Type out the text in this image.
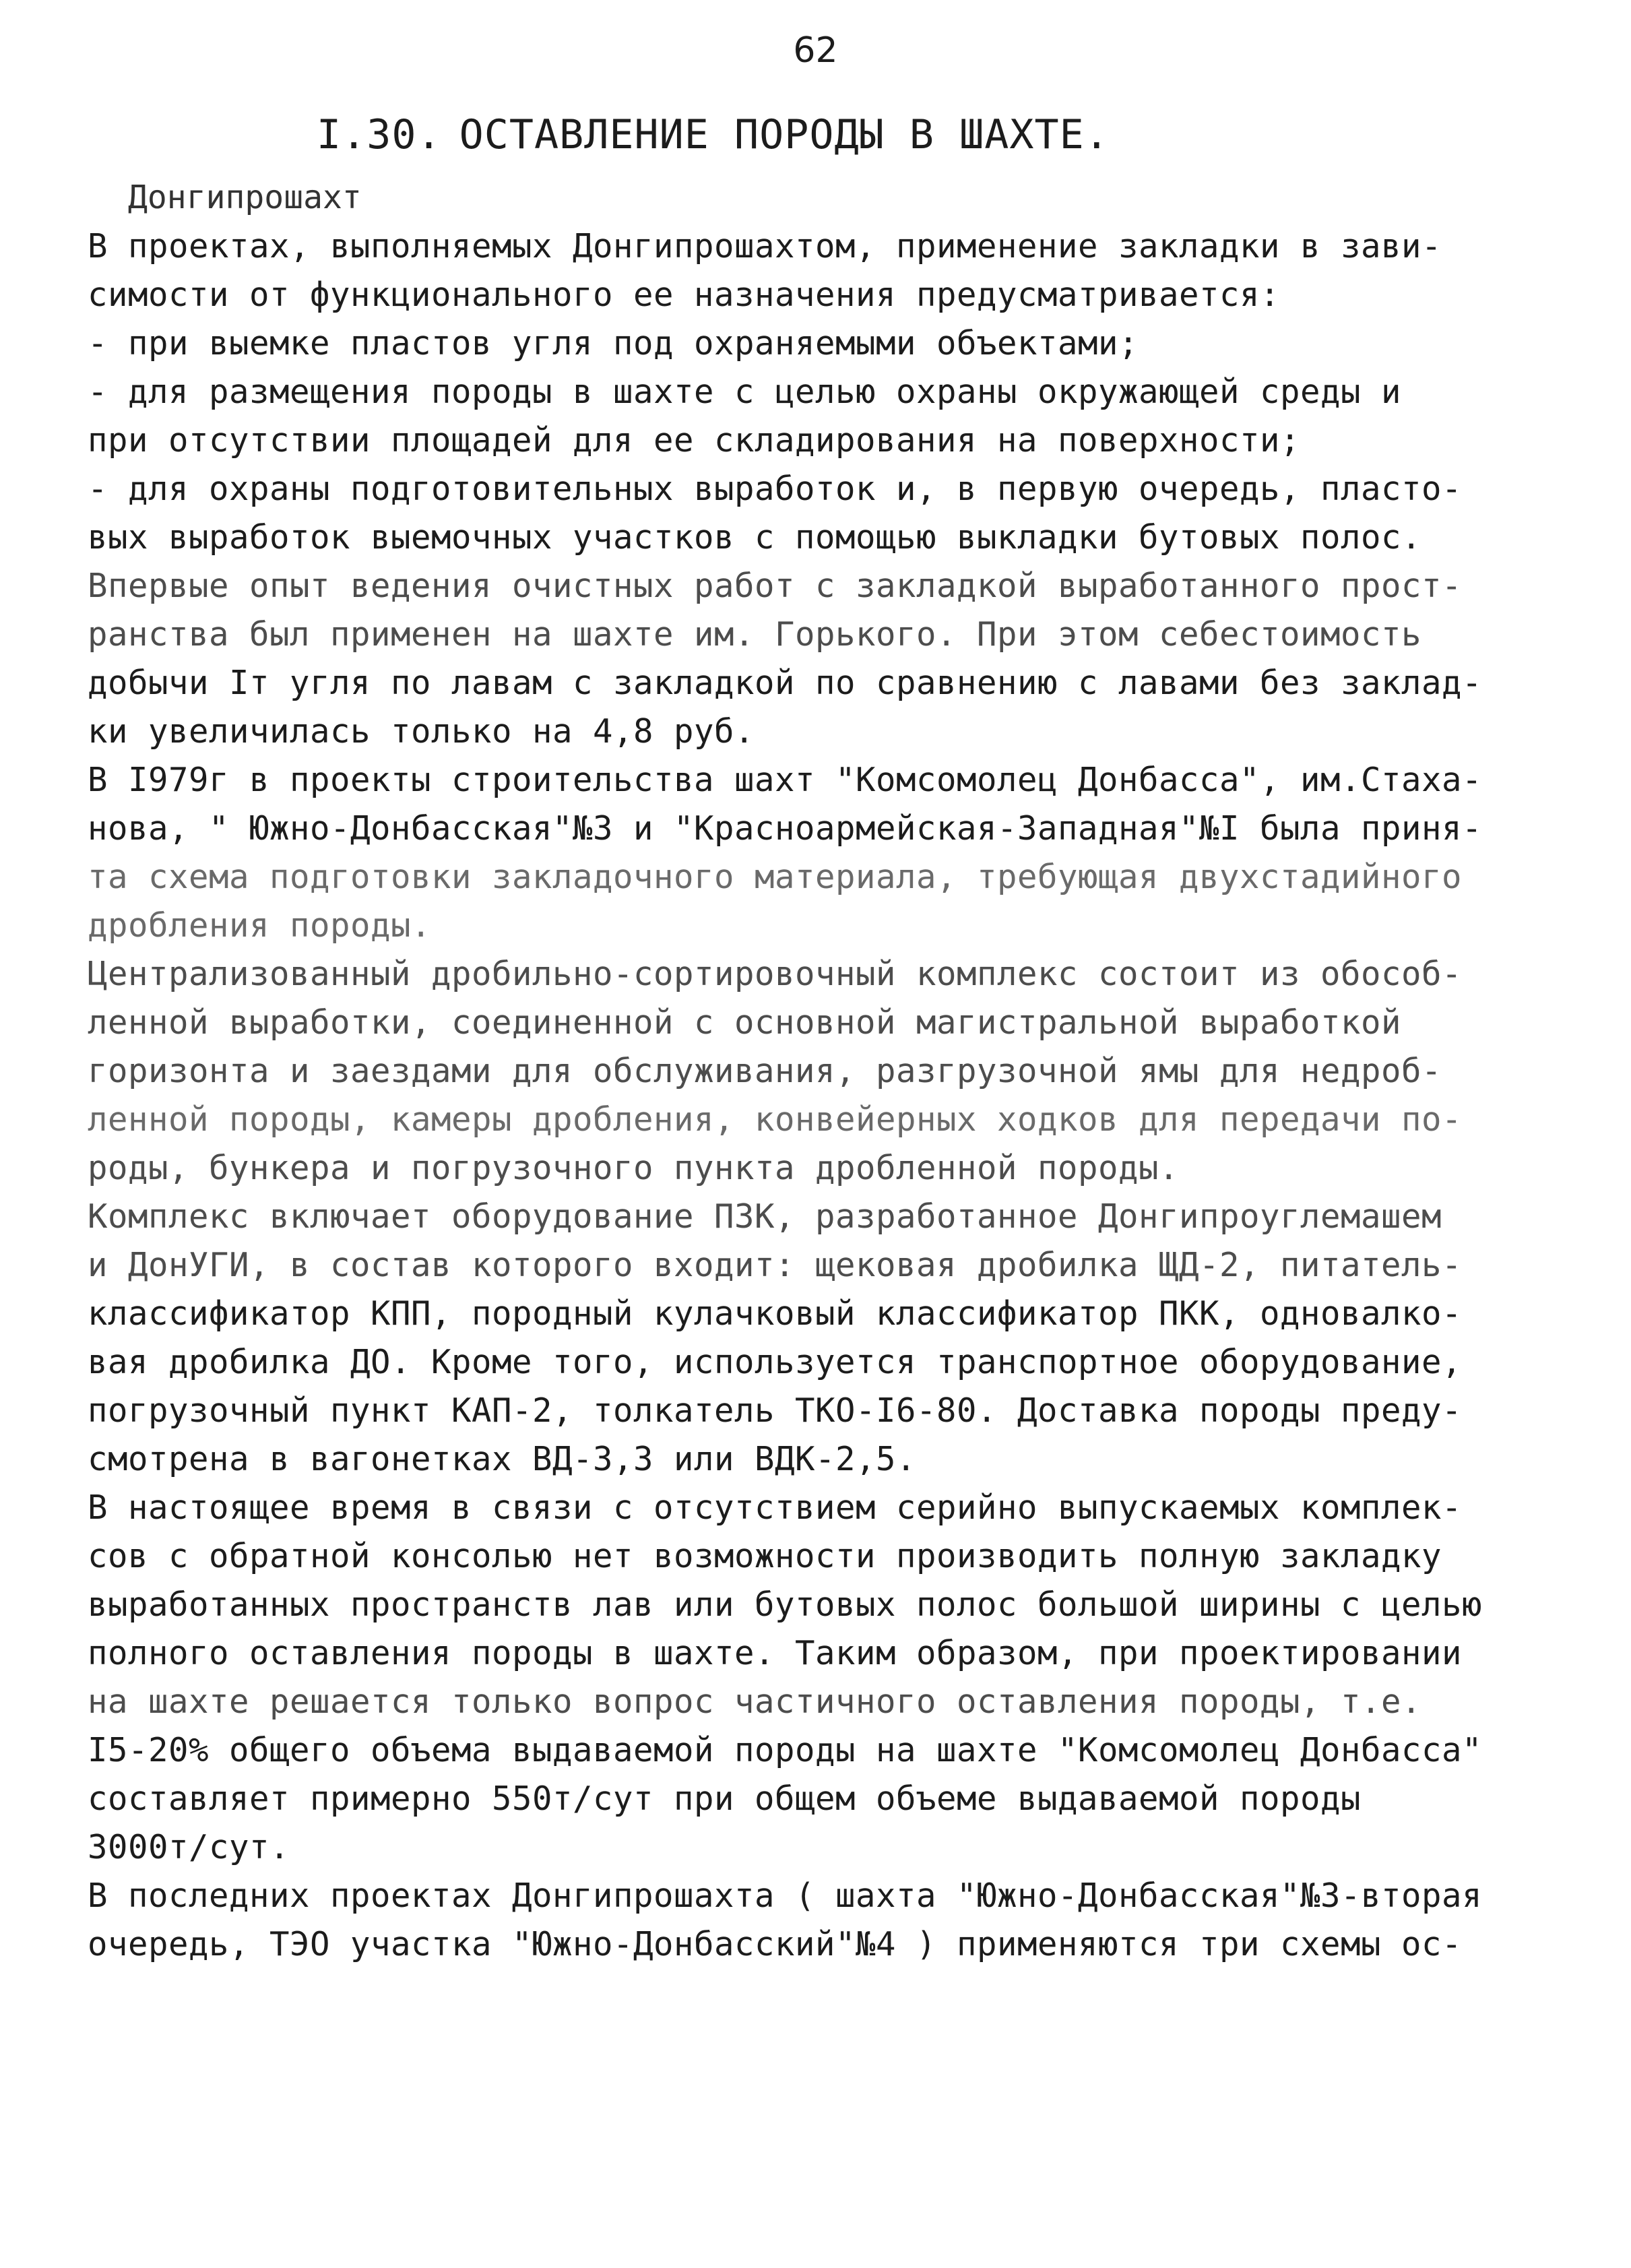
62
I.30. ОСТАВЛЕНИЕ ПОРОДЫ В ШАХТЕ.
Донгипрошахт
В проектах, выполняемых Донгипрошахтом, применение закладки в зави-
симости от функционального ее назначения предусматривается:
- при выемке пластов угля под охраняемыми объектами;
- для размещения породы в шахте с целью охраны окружающей среды и
при отсутствии площадей для ее складирования на поверхности;
- для охраны подготовительных выработок и, в первую очередь, пласто-
вых выработок выемочных участков с помощью выкладки бутовых полос.
Впервые опыт ведения очистных работ с закладкой выработанного прост-
ранства был применен на шахте им. Горького. При этом себестоимость
добычи Iт угля по лавам с закладкой по сравнению с лавами без заклад-
ки увеличилась только на 4,8 руб.
В I979г в проекты строительства шахт "Комсомолец Донбасса", им.Стаха-
нова, " Южно-Донбасская"№3 и "Красноармейская-Западная"№I была приня-
та схема подготовки закладочного материала, требующая двухстадийного
дробления породы.
Централизованный дробильно-сортировочный комплекс состоит из обособ-
ленной выработки, соединенной с основной магистральной выработкой
горизонта и заездами для обслуживания, разгрузочной ямы для недроб-
ленной породы, камеры дробления, конвейерных ходков для передачи по-
роды, бункера и погрузочного пункта дробленной породы.
Комплекс включает оборудование ПЗК, разработанное Донгипроуглемашем
и ДонУГИ, в состав которого входит: щековая дробилка ЩД-2, питатель-
классификатор КПП, породный кулачковый классификатор ПКК, одновалко-
вая дробилка ДО. Кроме того, используется транспортное оборудование,
погрузочный пункт КАП-2, толкатель ТКО-I6-80. Доставка породы преду-
смотрена в вагонетках ВД-3,3 или ВДК-2,5.
В настоящее время в связи с отсутствием серийно выпускаемых комплек-
сов с обратной консолью нет возможности производить полную закладку
выработанных пространств лав или бутовых полос большой ширины с целью
полного оставления породы в шахте. Таким образом, при проектировании
на шахте решается только вопрос частичного оставления породы, т.е.
I5-20% общего объема выдаваемой породы на шахте "Комсомолец Донбасса"
составляет примерно 550т/сут при общем объеме выдаваемой породы
3000т/сут.
В последних проектах Донгипрошахта ( шахта "Южно-Донбасская"№3-вторая
очередь, ТЭО участка "Южно-Донбасский"№4 ) применяются три схемы ос-
